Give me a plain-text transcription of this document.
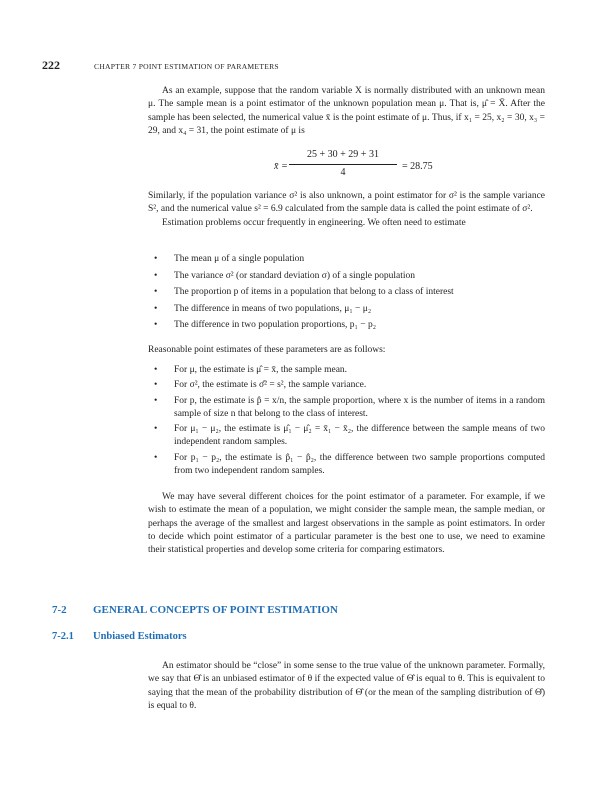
222	CHAPTER 7 POINT ESTIMATION OF PARAMETERS

As an example, suppose that the random variable X is normally distributed with an unknown mean μ. The sample mean is a point estimator of the unknown population mean μ. That is, μ̂ = X̄. After the sample has been selected, the numerical value x̄ is the point estimate of μ. Thus, if x₁ = 25, x₂ = 30, x₃ = 29, and x₄ = 31, the point estimate of μ is

x̄ =
25 + 30 + 29 + 31
4
= 28.75

Similarly, if the population variance σ² is also unknown, a point estimator for σ² is the sample variance S², and the numerical value s² = 6.9 calculated from the sample data is called the point estimate of σ².

Estimation problems occur frequently in engineering. We often need to estimate

• The mean μ of a single population
• The variance σ² (or standard deviation σ) of a single population
• The proportion p of items in a population that belong to a class of interest
• The difference in means of two populations, μ₁ − μ₂
• The difference in two population proportions, p₁ − p₂

Reasonable point estimates of these parameters are as follows:

• For μ, the estimate is μ̂ = x̄, the sample mean.
• For σ², the estimate is σ̂² = s², the sample variance.
• For p, the estimate is p̂ = x/n, the sample proportion, where x is the number of items in a random sample of size n that belong to the class of interest.
• For μ₁ − μ₂, the estimate is μ̂₁ − μ̂₂ = x̄₁ − x̄₂, the difference between the sample means of two independent random samples.
• For p₁ − p₂, the estimate is p̂₁ − p̂₂, the difference between two sample proportions computed from two independent random samples.

We may have several different choices for the point estimator of a parameter. For example, if we wish to estimate the mean of a population, we might consider the sample mean, the sample median, or perhaps the average of the smallest and largest observations in the sample as point estimators. In order to decide which point estimator of a particular parameter is the best one to use, we need to examine their statistical properties and develop some criteria for comparing estimators.

7-2 GENERAL CONCEPTS OF POINT ESTIMATION
7-2.1 Unbiased Estimators

An estimator should be “close” in some sense to the true value of the unknown parameter. Formally, we say that Θ̂ is an unbiased estimator of θ if the expected value of Θ̂ is equal to θ. This is equivalent to saying that the mean of the probability distribution of Θ̂ (or the mean of the sampling distribution of Θ̂) is equal to θ.
